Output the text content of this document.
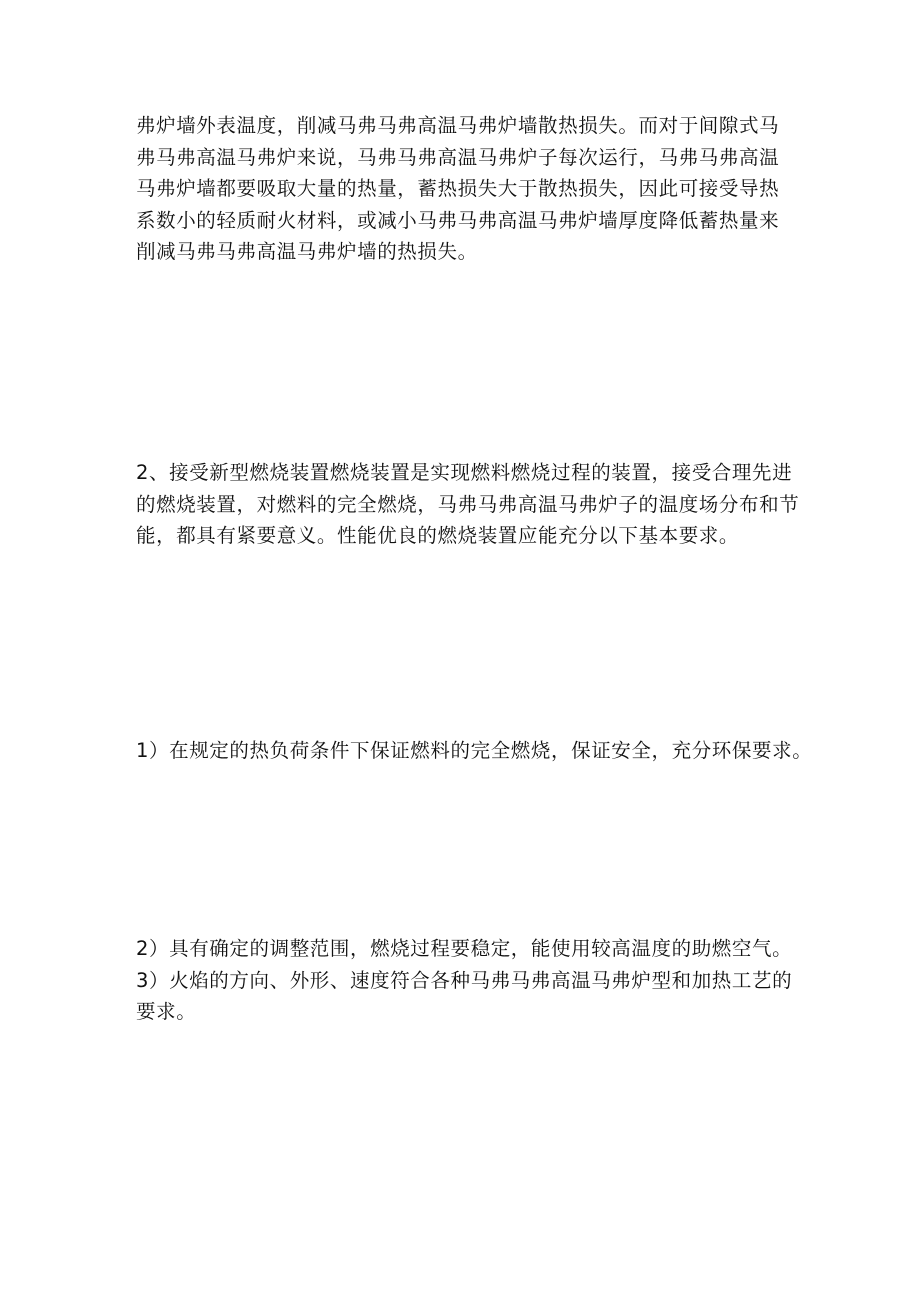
弗炉墙外表温度，削减马弗马弗高温马弗炉墙散热损失。而对于间隙式马
弗马弗高温马弗炉来说，马弗马弗高温马弗炉子每次运行，马弗马弗高温
马弗炉墙都要吸取大量的热量，蓄热损失大于散热损失，因此可接受导热
系数小的轻质耐火材料，或减小马弗马弗高温马弗炉墙厚度降低蓄热量来
削减马弗马弗高温马弗炉墙的热损失。
2、接受新型燃烧装置燃烧装置是实现燃料燃烧过程的装置，接受合理先进
的燃烧装置，对燃料的完全燃烧，马弗马弗高温马弗炉子的温度场分布和节
能，都具有紧要意义。性能优良的燃烧装置应能充分以下基本要求。
1）在规定的热负荷条件下保证燃料的完全燃烧，保证安全，充分环保要求。
2）具有确定的调整范围，燃烧过程要稳定，能使用较高温度的助燃空气。
3）火焰的方向、外形、速度符合各种马弗马弗高温马弗炉型和加热工艺的
要求。
